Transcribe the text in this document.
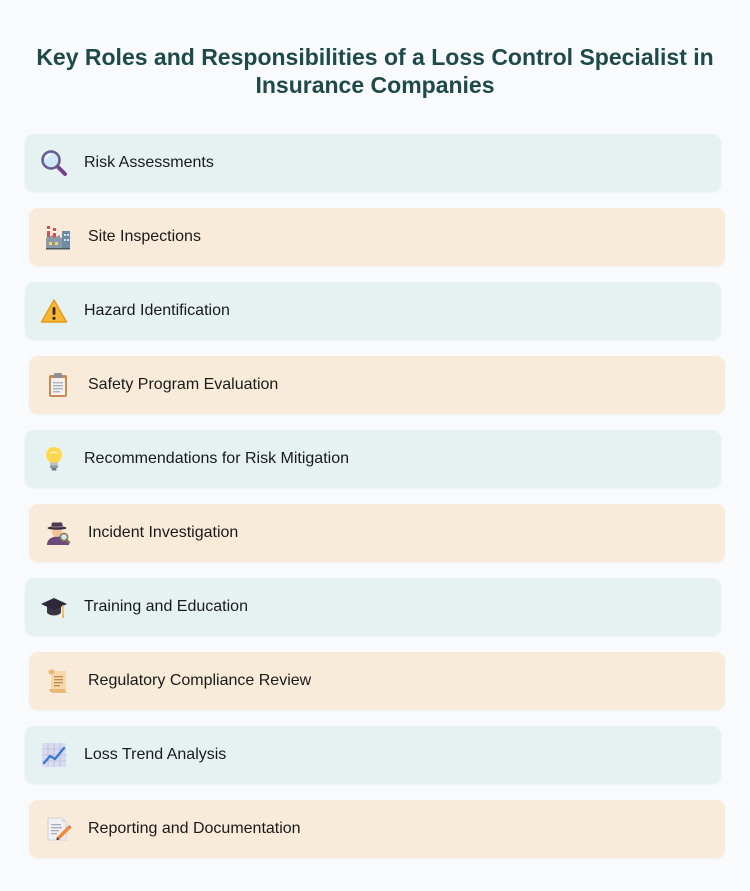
Key Roles and Responsibilities of a Loss Control Specialist in Insurance Companies
Risk Assessments
Site Inspections
Hazard Identification
Safety Program Evaluation
Recommendations for Risk Mitigation
Incident Investigation
Training and Education
Regulatory Compliance Review
Loss Trend Analysis
Reporting and Documentation
